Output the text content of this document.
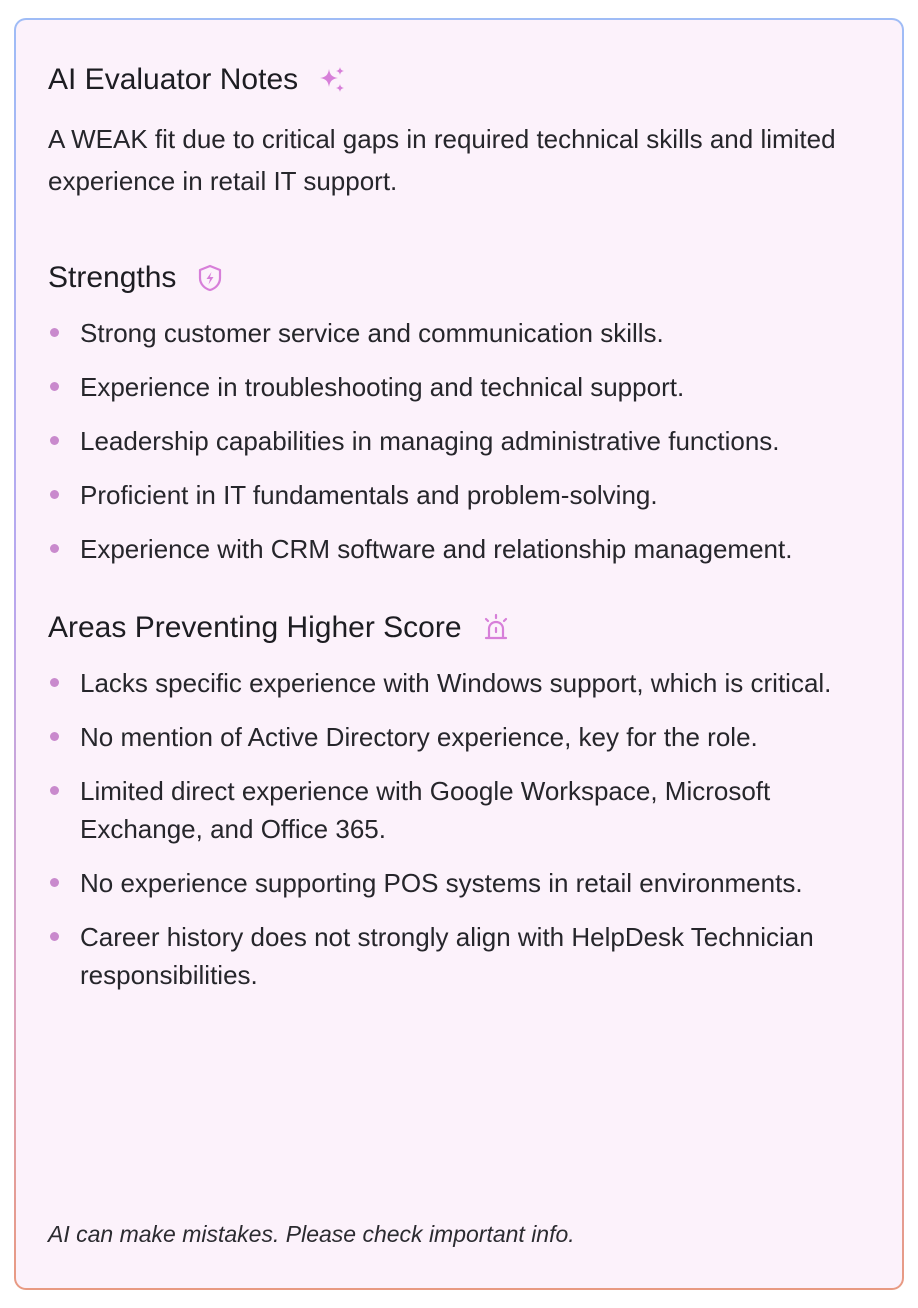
AI Evaluator Notes

A WEAK fit due to critical gaps in required technical skills and limited experience in retail IT support.

Strengths
Strong customer service and communication skills.
Experience in troubleshooting and technical support.
Leadership capabilities in managing administrative functions.
Proficient in IT fundamentals and problem-solving.
Experience with CRM software and relationship management.
Areas Preventing Higher Score
Lacks specific experience with Windows support, which is critical.
No mention of Active Directory experience, key for the role.
Limited direct experience with Google Workspace, Microsoft Exchange, and Office 365.
No experience supporting POS systems in retail environments.
Career history does not strongly align with HelpDesk Technician responsibilities.

AI can make mistakes. Please check important info.
